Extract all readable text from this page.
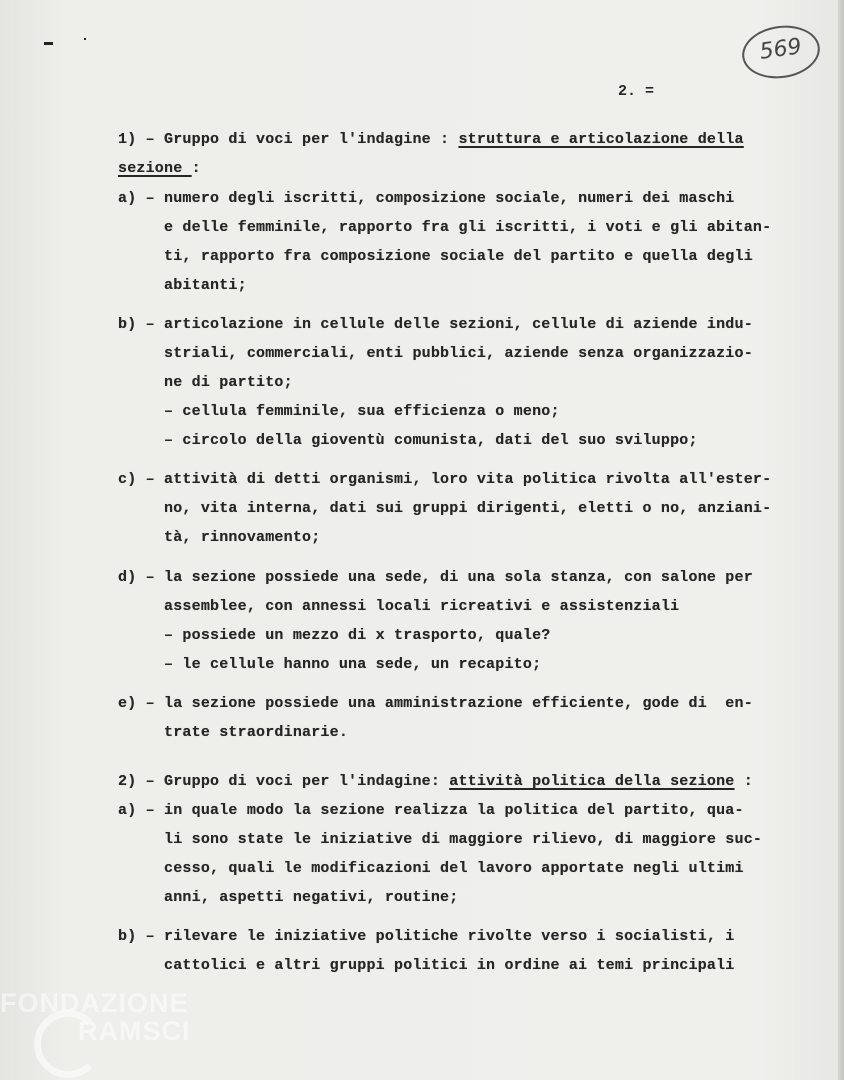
569
2. =
1) – Gruppo di voci per l'indagine : struttura e articolazione della
sezione :
a) – numero degli iscritti, composizione sociale, numeri dei maschi
e delle femminile, rapporto fra gli iscritti, i voti e gli abitan-
ti, rapporto fra composizione sociale del partito e quella degli
abitanti;
b) – articolazione in cellule delle sezioni, cellule di aziende indu-
striali, commerciali, enti pubblici, aziende senza organizzazio-
ne di partito;
– cellula femminile, sua efficienza o meno;
– circolo della gioventù comunista, dati del suo sviluppo;
c) – attività di detti organismi, loro vita politica rivolta all'ester-
no, vita interna, dati sui gruppi dirigenti, eletti o no, anziani-
tà, rinnovamento;
d) – la sezione possiede una sede, di una sola stanza, con salone per
assemblee, con annessi locali ricreativi e assistenziali
– possiede un mezzo di x trasporto, quale?
– le cellule hanno una sede, un recapito;
e) – la sezione possiede una amministrazione efficiente, gode di  en-
trate straordinarie.
2) – Gruppo di voci per l'indagine: attività politica della sezione :
a) – in quale modo la sezione realizza la politica del partito, qua-
li sono state le iniziative di maggiore rilievo, di maggiore suc-
cesso, quali le modificazioni del lavoro apportate negli ultimi
anni, aspetti negativi, routine;
b) – rilevare le iniziative politiche rivolte verso i socialisti, i
cattolici e altri gruppi politici in ordine ai temi principali
FONDAZIONE
RAMSCI
